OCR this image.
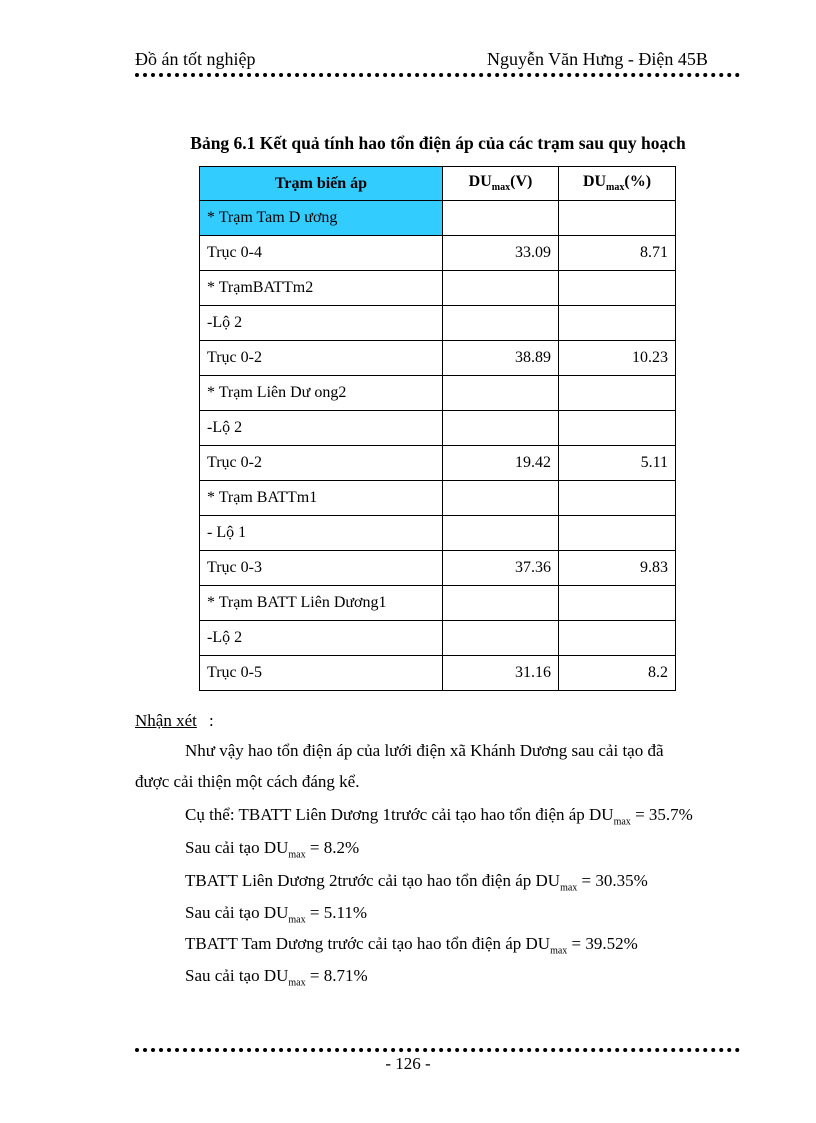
Đồ án tốt nghiệp	Nguyễn Văn Hưng - Điện 45B
Bảng 6.1 Kết quả tính hao tổn điện áp của các trạm sau quy hoạch
Trạm biến áp	$DU_{max}(V)$	$DU_{max}(\%)$
* Trạm Tam D ương		
Trục 0-4	33.09	8.71
* TrạmBATTm2		
-Lộ 2		
Trục 0-2	38.89	10.23
* Trạm Liên Dư ong2		
-Lộ 2		
Trục 0-2	19.42	5.11
* Trạm BATTm1		
- Lộ 1		
Trục 0-3	37.36	9.83
* Trạm BATT Liên Dương1		
-Lộ 2		
Trục 0-5	31.16	8.2
Nhận xét :
Như vậy hao tổn điện áp của lưới điện xã Khánh Dương sau cải tạo đã
được cải thiện một cách đáng kể.
Cụ thể: TBATT Liên Dương 1trước cải tạo hao tổn điện áp $DU_{max} = 35.7\%$
Sau cải tạo $DU_{max} = 8.2\%$
TBATT Liên Dương 2trước cải tạo hao tổn điện áp $DU_{max} = 30.35\%$
Sau cải tạo $DU_{max} = 5.11\%$
TBATT Tam Dương trước cải tạo hao tổn điện áp $DU_{max} = 39.52\%$
Sau cải tạo $DU_{max} = 8.71\%$
- 126 -
